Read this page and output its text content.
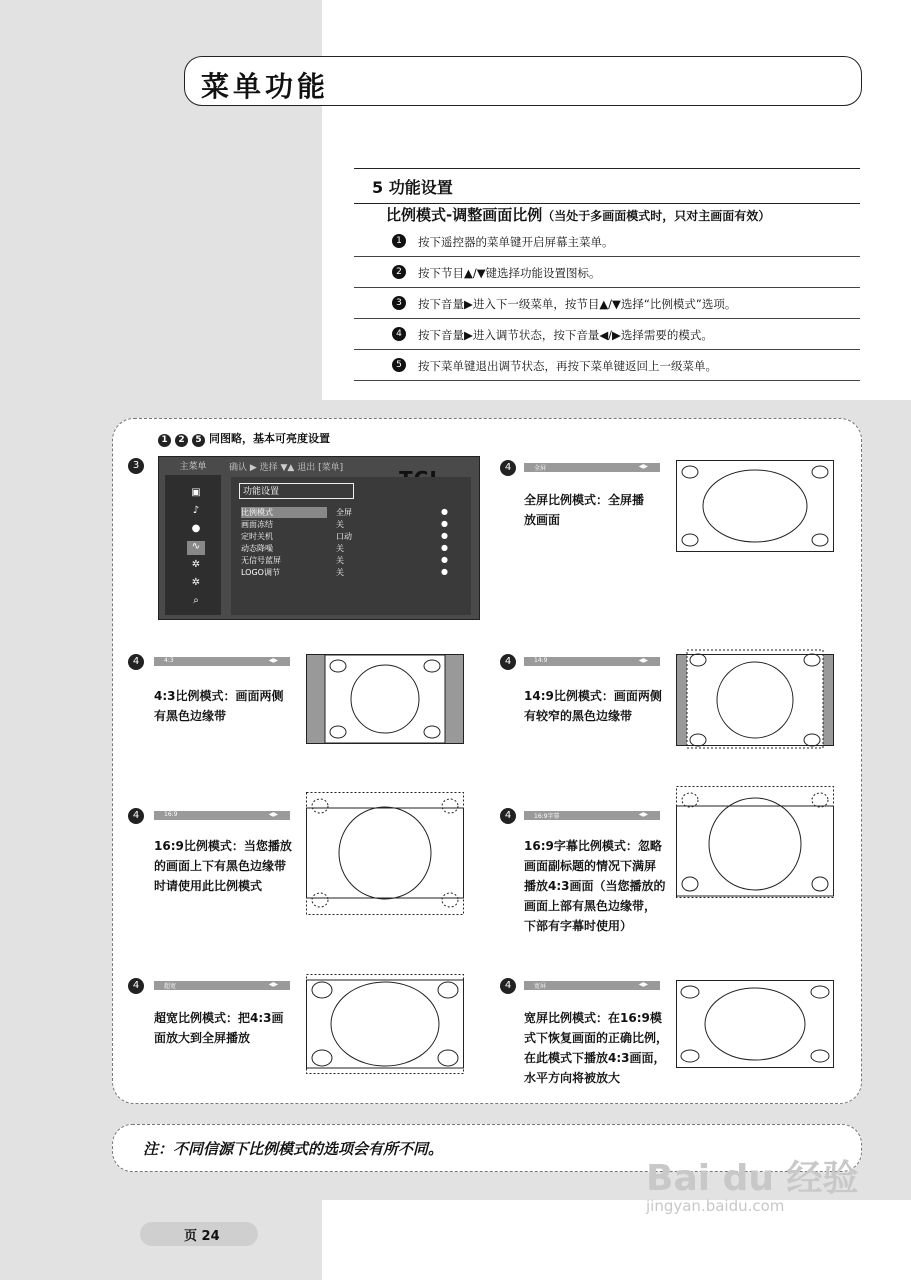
菜单功能
5 功能设置
比例模式-调整画面比例（当处于多画面模式时，只对主画面有效）
1	按下遥控器的菜单键开启屏幕主菜单。
2	按下节目▲/▼键选择功能设置图标。
3	按下音量▶进入下一级菜单，按节目▲/▼选择“比例模式”选项。
4	按下音量▶进入调节状态，按下音量◀/▶选择需要的模式。
5	按下菜单键退出调节状态，再按下菜单键返回上一级菜单。
1 2 5 同图略，基本可亮度设置
3	主菜单
▣
♪
●
∿
✲
✲
⌕
确认 ▶ 选择 ▼▲ 退出 [菜单]
功能设置
比例模式	全屏	●
画面冻结	关	●
定时关机	口动	●
动态降噪	关	●
无信号蓝屏	关	●
LOGO调节	关	●
4	全屏	◀▶
全屏比例模式：全屏播
放画面
4	4:3	◀▶
4:3比例模式：画面两侧
有黑色边缘带
4	14:9	◀▶
14:9比例模式：画面两侧
有较窄的黑色边缘带
4	16:9	◀▶
16:9比例模式：当您播放
的画面上下有黑色边缘带
时请使用此比例模式
4	16:9字幕	◀▶
16:9字幕比例模式：忽略
画面副标题的情况下满屏
播放4:3画面（当您播放的
画面上部有黑色边缘带，
下部有字幕时使用）
4	超宽	◀▶
超宽比例模式：把4:3画
面放大到全屏播放
4	宽屏	◀▶
宽屏比例模式：在16:9模
式下恢复画面的正确比例，
在此模式下播放4:3画面，
水平方向将被放大
注：不同信源下比例模式的选项会有所不同。
页 24
Bai du 经验
jingyan.baidu.com
